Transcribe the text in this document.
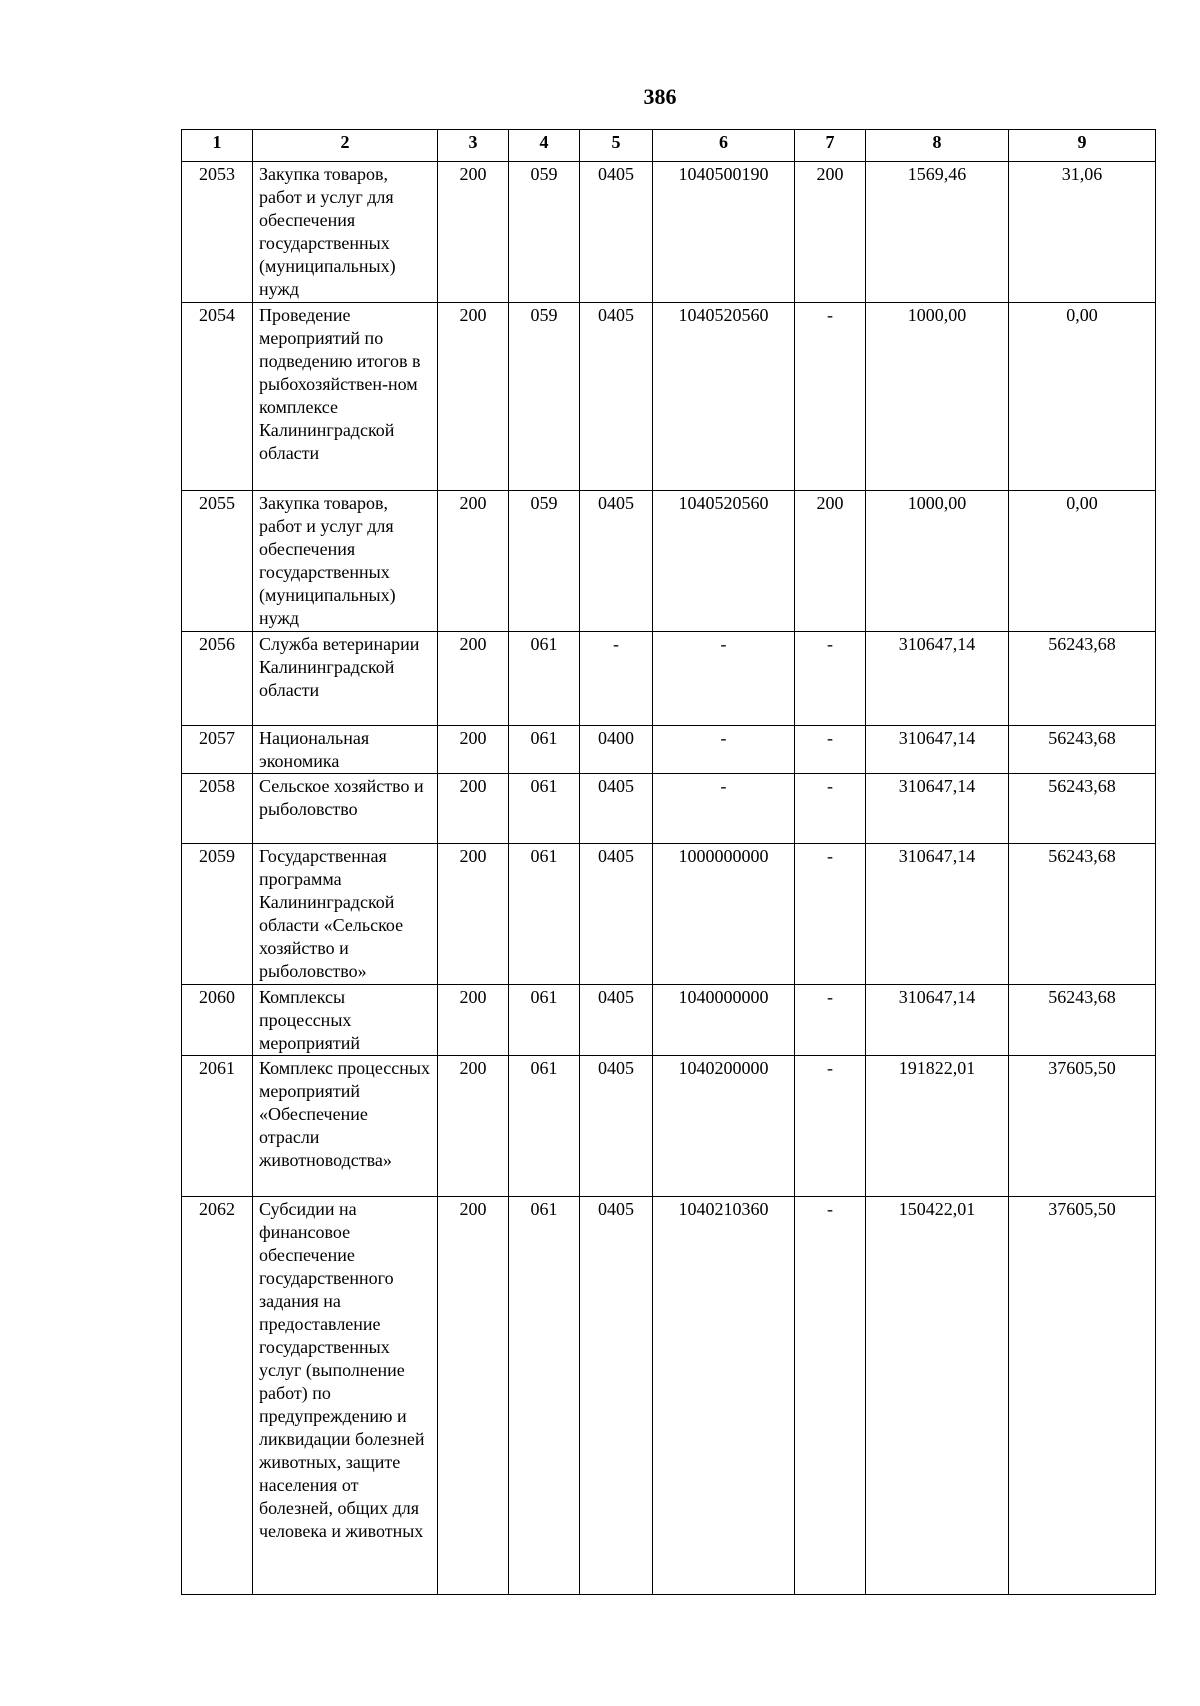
386
1	2	3	4	5	6	7	8	9
2053	Закупка товаров, работ и услуг для обеспечения государственных (муниципальных) нужд	200	059	0405	1040500190	200	1569,46	31,06
2054	Проведение мероприятий по подведению итогов в рыбохозяйствен-ном комплексе Калининградской области	200	059	0405	1040520560	-	1000,00	0,00
2055	Закупка товаров, работ и услуг для обеспечения государственных (муниципальных) нужд	200	059	0405	1040520560	200	1000,00	0,00
2056	Служба ветеринарии Калининградской области	200	061	-	-	-	310647,14	56243,68
2057	Национальная экономика	200	061	0400	-	-	310647,14	56243,68
2058	Сельское хозяйство и рыболовство	200	061	0405	-	-	310647,14	56243,68
2059	Государственная программа Калининградской области «Сельское хозяйство и рыболовство»	200	061	0405	1000000000	-	310647,14	56243,68
2060	Комплексы процессных мероприятий	200	061	0405	1040000000	-	310647,14	56243,68
2061	Комплекс процессных мероприятий «Обеспечение отрасли животноводства»	200	061	0405	1040200000	-	191822,01	37605,50
2062	Субсидии на финансовое обеспечение государственного задания на предоставление государственных услуг (выполнение работ) по предупреждению и ликвидации болезней животных, защите населения от болезней, общих для человека и животных	200	061	0405	1040210360	-	150422,01	37605,50
